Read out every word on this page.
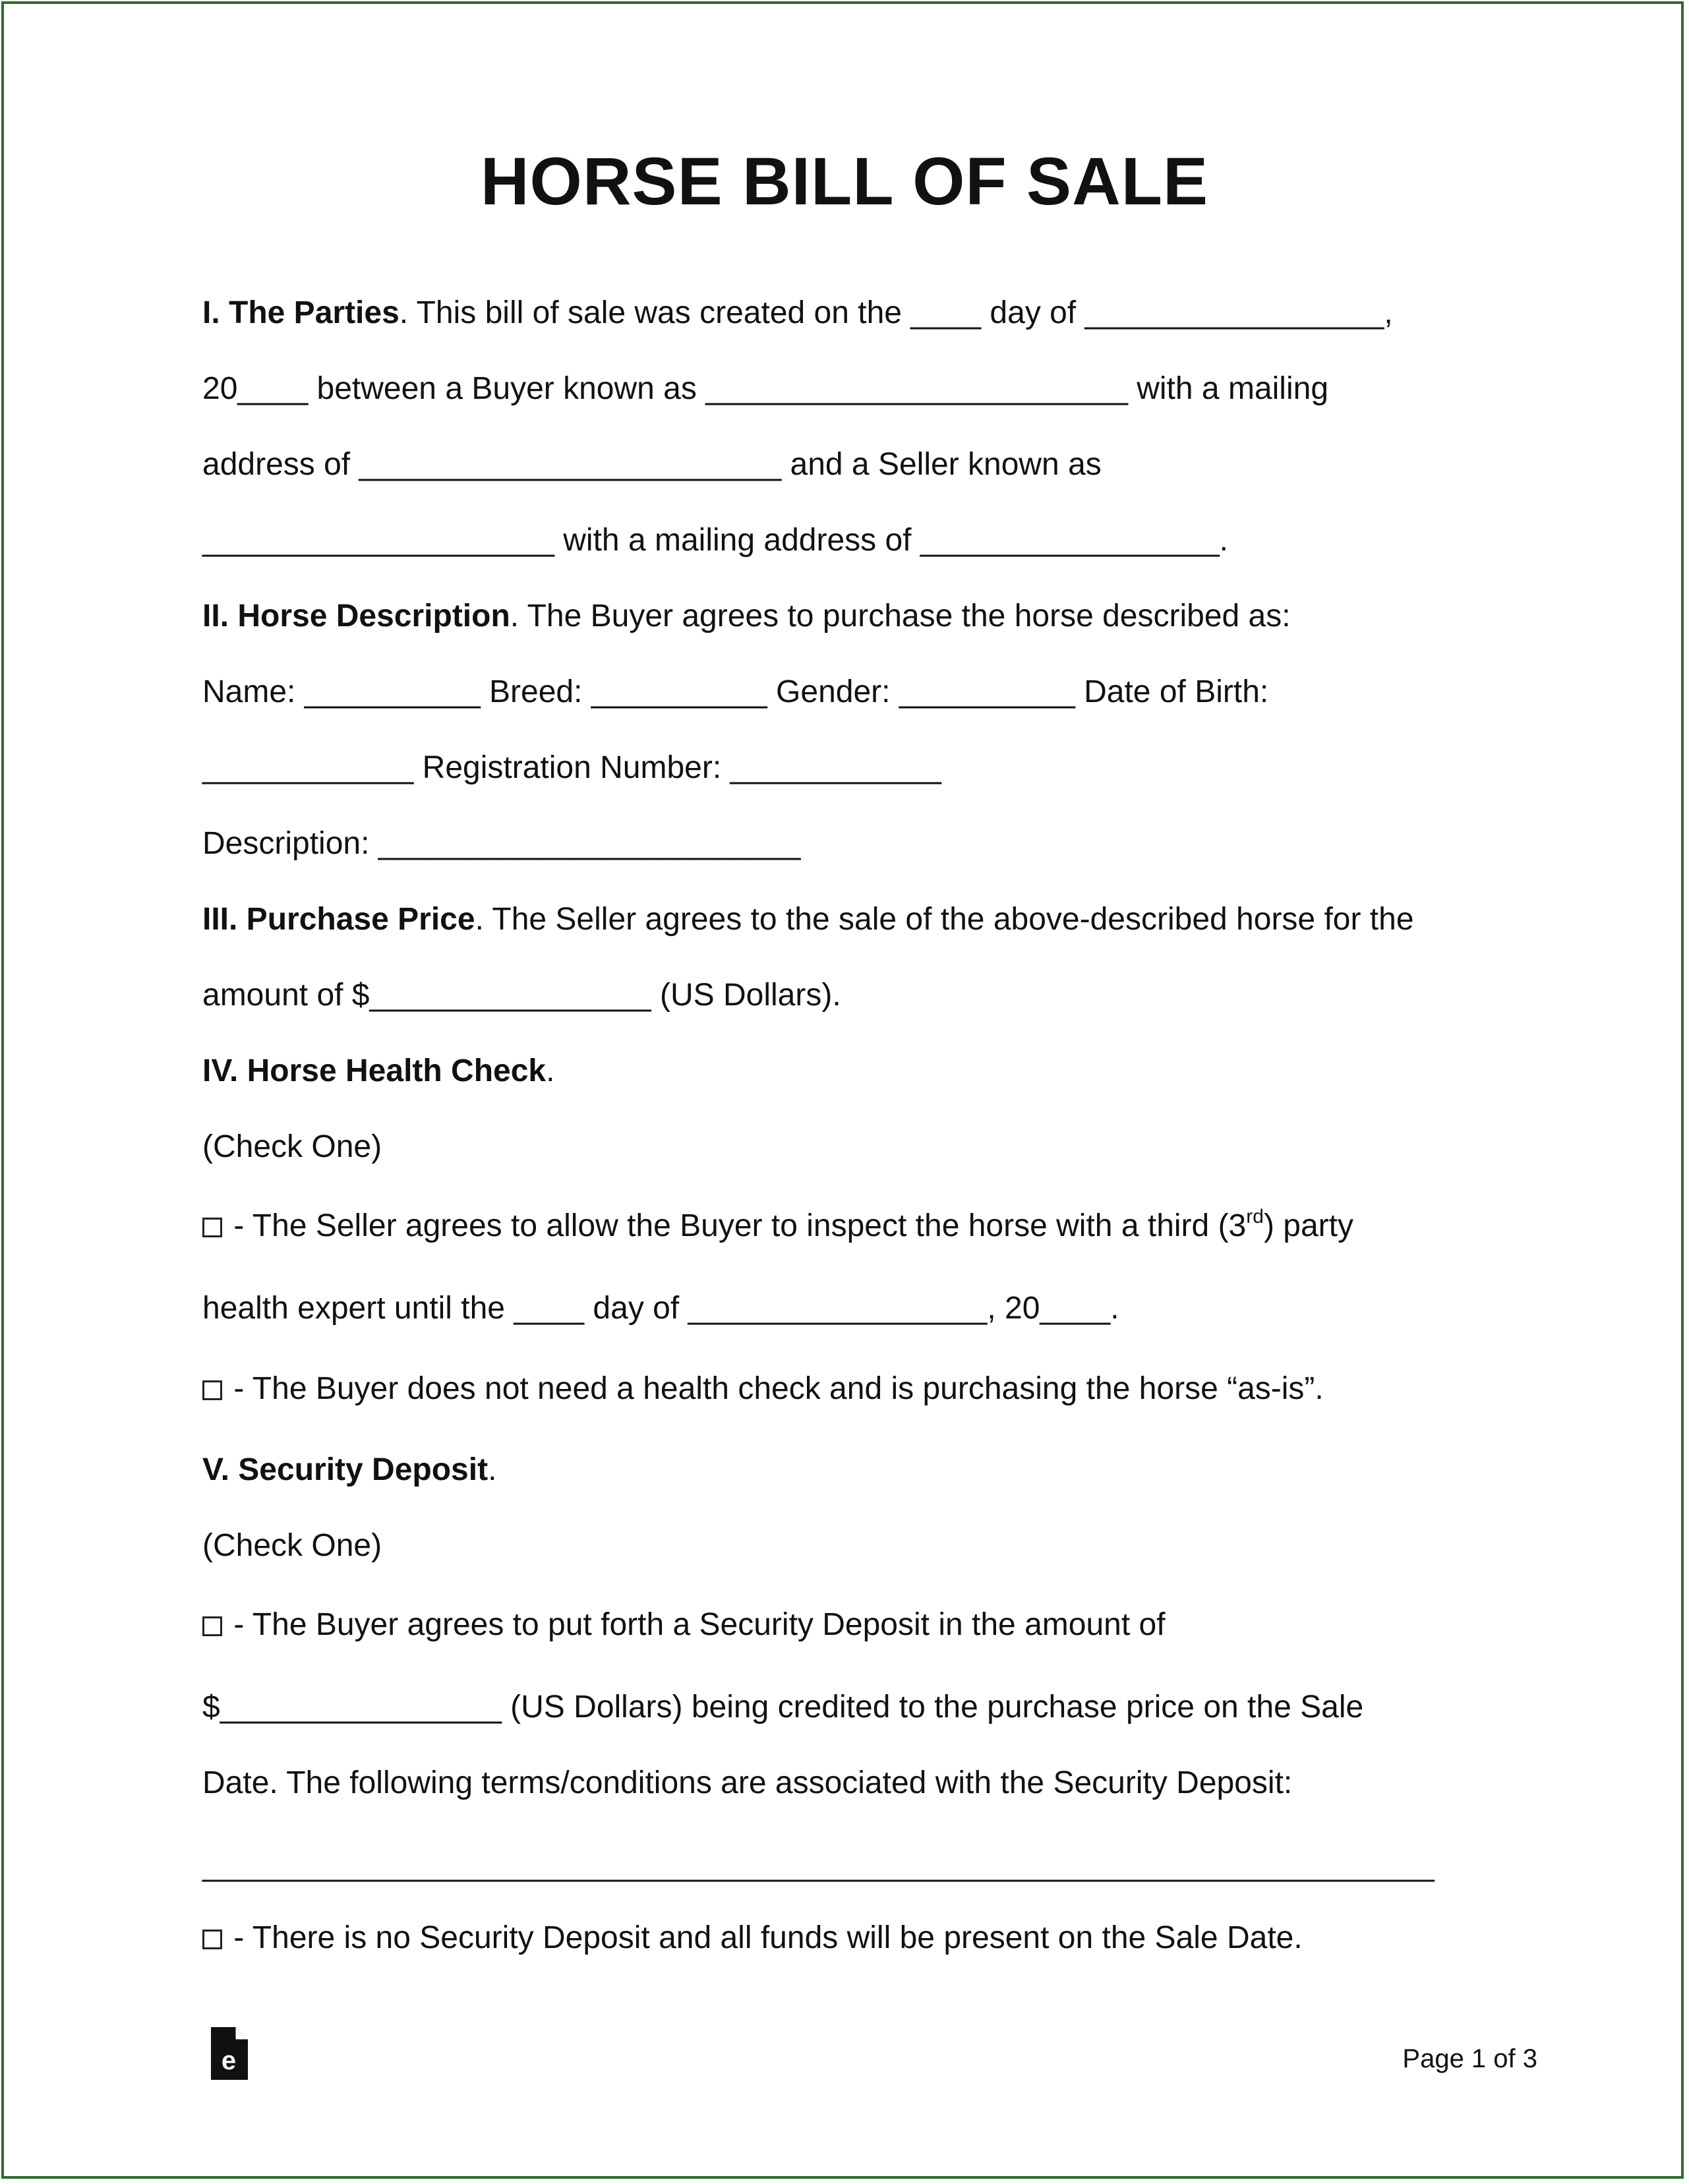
HORSE BILL OF SALE
I. The Parties. This bill of sale was created on the ____ day of _________________,
20____ between a Buyer known as ________________________ with a mailing
address of ________________________ and a Seller known as
____________________ with a mailing address of _________________.
II. Horse Description. The Buyer agrees to purchase the horse described as:
Name: __________ Breed: __________ Gender: __________ Date of Birth:
____________ Registration Number: ____________
Description: ________________________
III. Purchase Price. The Seller agrees to the sale of the above-described horse for the
amount of $________________ (US Dollars).
IV. Horse Health Check.
(Check One)
- The Seller agrees to allow the Buyer to inspect the horse with a third (3rd) party
health expert until the ____ day of _________________, 20____.
- The Buyer does not need a health check and is purchasing the horse “as-is”.
V. Security Deposit.
(Check One)
- The Buyer agrees to put forth a Security Deposit in the amount of
$________________ (US Dollars) being credited to the purchase price on the Sale
Date. The following terms/conditions are associated with the Security Deposit:
______________________________________________________________________
- There is no Security Deposit and all funds will be present on the Sale Date.
e	Page 1 of 3
